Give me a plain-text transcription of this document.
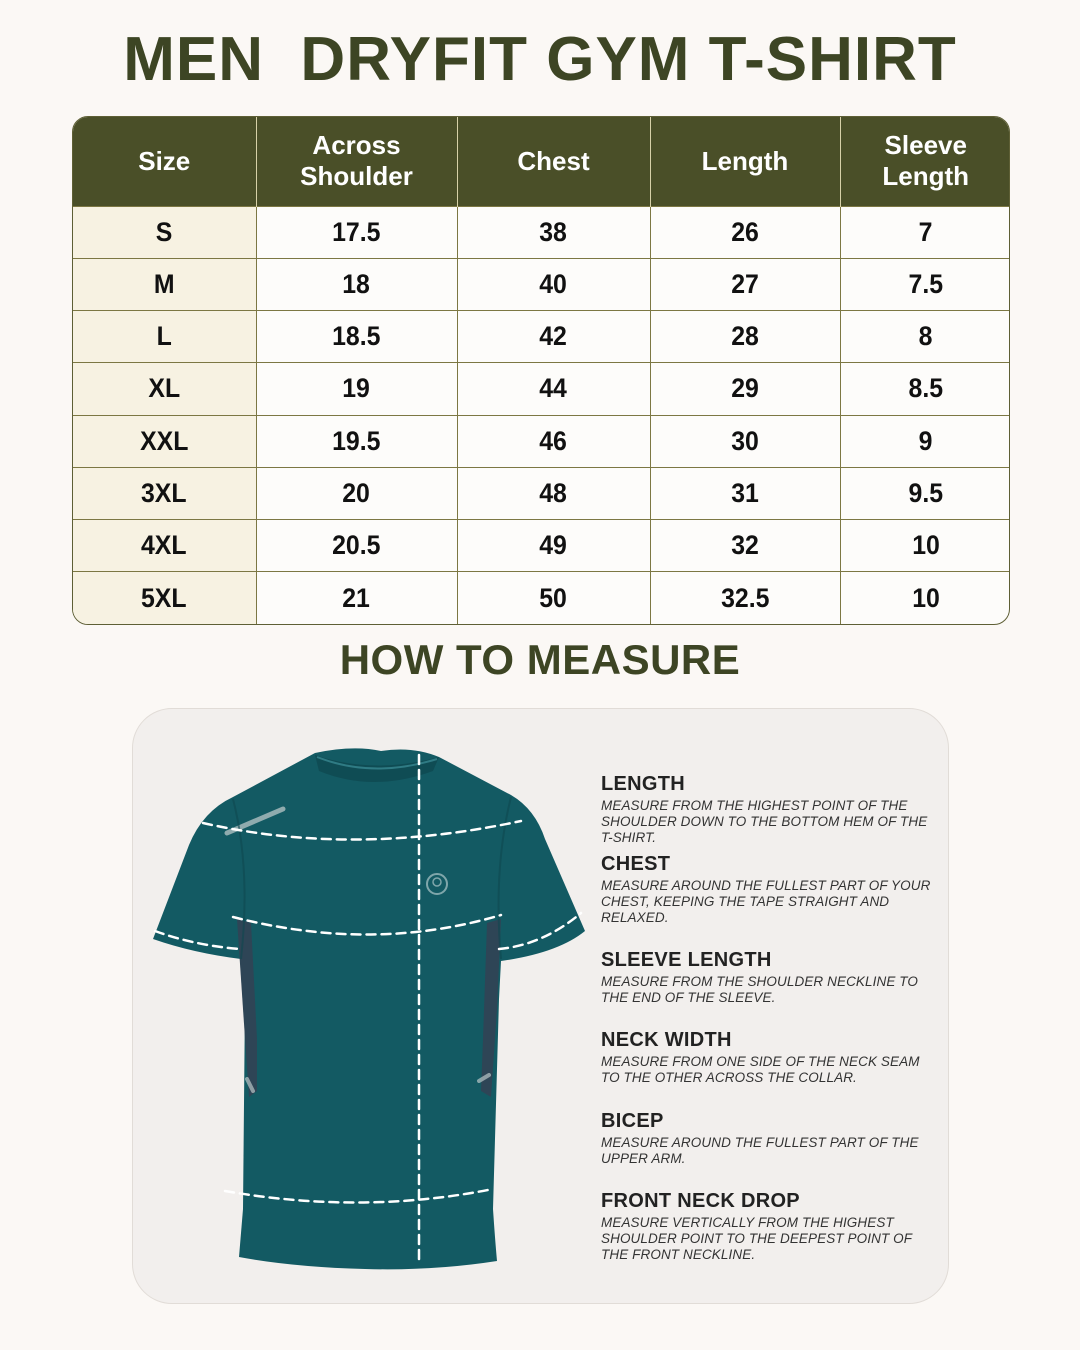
MEN  DRYFIT GYM T-SHIRT
Size	Across Shoulder	Chest	Length	Sleeve Length
S	17.5	38	26	7
M	18	40	27	7.5
L	18.5	42	28	8
XL	19	44	29	8.5
XXL	19.5	46	30	9
3XL	20	48	31	9.5
4XL	20.5	49	32	10
5XL	21	50	32.5	10
HOW TO MEASURE
LENGTH
MEASURE FROM THE HIGHEST POINT OF THE SHOULDER DOWN TO THE BOTTOM HEM OF THE T-SHIRT.
CHEST
MEASURE AROUND THE FULLEST PART OF YOUR CHEST, KEEPING THE TAPE STRAIGHT AND RELAXED.
SLEEVE LENGTH
MEASURE FROM THE SHOULDER NECKLINE TO THE END OF THE SLEEVE.
NECK WIDTH
MEASURE FROM ONE SIDE OF THE NECK SEAM TO THE OTHER ACROSS THE COLLAR.
BICEP
MEASURE AROUND THE FULLEST PART OF THE UPPER ARM.
FRONT NECK DROP
MEASURE VERTICALLY FROM THE HIGHEST SHOULDER POINT TO THE DEEPEST POINT OF THE FRONT NECKLINE.
